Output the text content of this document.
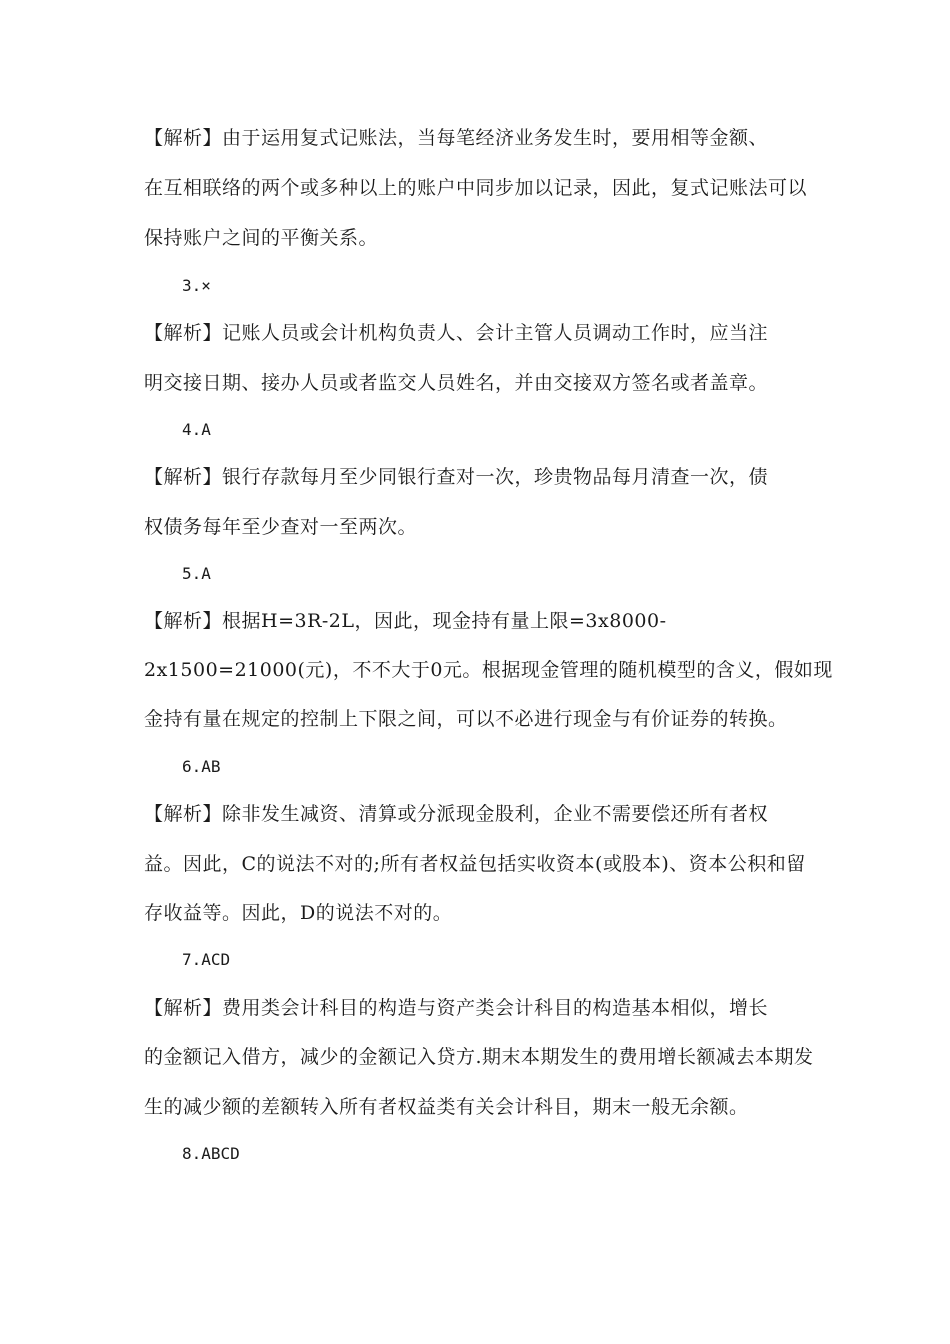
【解析】由于运用复式记账法，当每笔经济业务发生时，要用相等金额、
在互相联络的两个或多种以上的账户中同步加以记录，因此，复式记账法可以
保持账户之间的平衡关系。
3.×
【解析】记账人员或会计机构负责人、会计主管人员调动工作时，应当注
明交接日期、接办人员或者监交人员姓名，并由交接双方签名或者盖章。
4.A
【解析】银行存款每月至少同银行查对一次，珍贵物品每月清查一次，债
权债务每年至少查对一至两次。
5.A
【解析】根据H=3R-2L，因此，现金持有量上限=3x8000-
2x1500=21000(元)，不不大于0元。根据现金管理的随机模型的含义，假如现
金持有量在规定的控制上下限之间，可以不必进行现金与有价证券的转换。
6.AB
【解析】除非发生减资、清算或分派现金股利，企业不需要偿还所有者权
益。因此，C的说法不对的;所有者权益包括实收资本(或股本)、资本公积和留
存收益等。因此，D的说法不对的。
7.ACD
【解析】费用类会计科目的构造与资产类会计科目的构造基本相似，增长
的金额记入借方，减少的金额记入贷方.期末本期发生的费用增长额减去本期发
生的减少额的差额转入所有者权益类有关会计科目，期末一般无余额。
8.ABCD
